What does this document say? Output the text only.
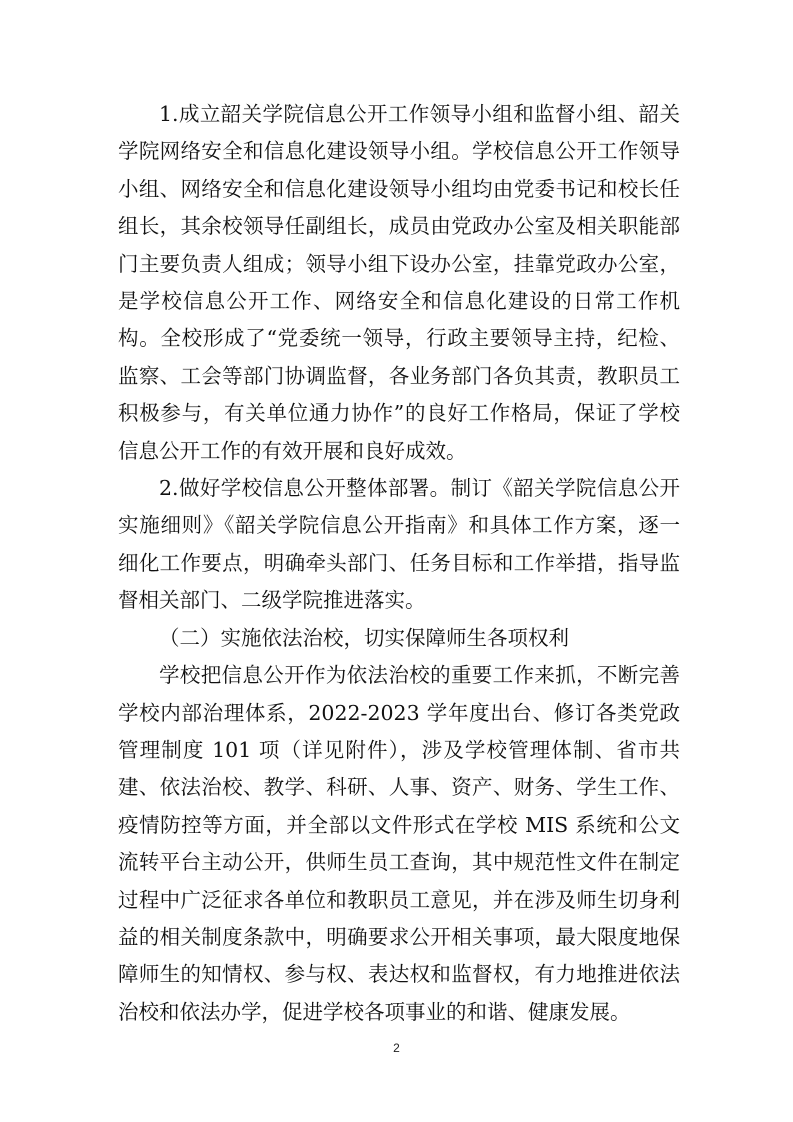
1.成立韶关学院信息公开工作领导小组和监督小组、韶关学院网络安全和信息化建设领导小组。学校信息公开工作领导小组、网络安全和信息化建设领导小组均由党委书记和校长任组长，其余校领导任副组长，成员由党政办公室及相关职能部门主要负责人组成；领导小组下设办公室，挂靠党政办公室，是学校信息公开工作、网络安全和信息化建设的日常工作机构。全校形成了“党委统一领导，行政主要领导主持，纪检、监察、工会等部门协调监督，各业务部门各负其责，教职员工积极参与，有关单位通力协作”的良好工作格局，保证了学校信息公开工作的有效开展和良好成效。

2.做好学校信息公开整体部署。制订《韶关学院信息公开实施细则》《韶关学院信息公开指南》和具体工作方案，逐一细化工作要点，明确牵头部门、任务目标和工作举措，指导监督相关部门、二级学院推进落实。

（二）实施依法治校，切实保障师生各项权利

学校把信息公开作为依法治校的重要工作来抓，不断完善学校内部治理体系，2022-2023 学年度出台、修订各类党政管理制度 101 项（详见附件），涉及学校管理体制、省市共建、依法治校、教学、科研、人事、资产、财务、学生工作、疫情防控等方面，并全部以文件形式在学校 MIS 系统和公文流转平台主动公开，供师生员工查询，其中规范性文件在制定过程中广泛征求各单位和教职员工意见，并在涉及师生切身利益的相关制度条款中，明确要求公开相关事项，最大限度地保障师生的知情权、参与权、表达权和监督权，有力地推进依法治校和依法办学，促进学校各项事业的和谐、健康发展。

2
